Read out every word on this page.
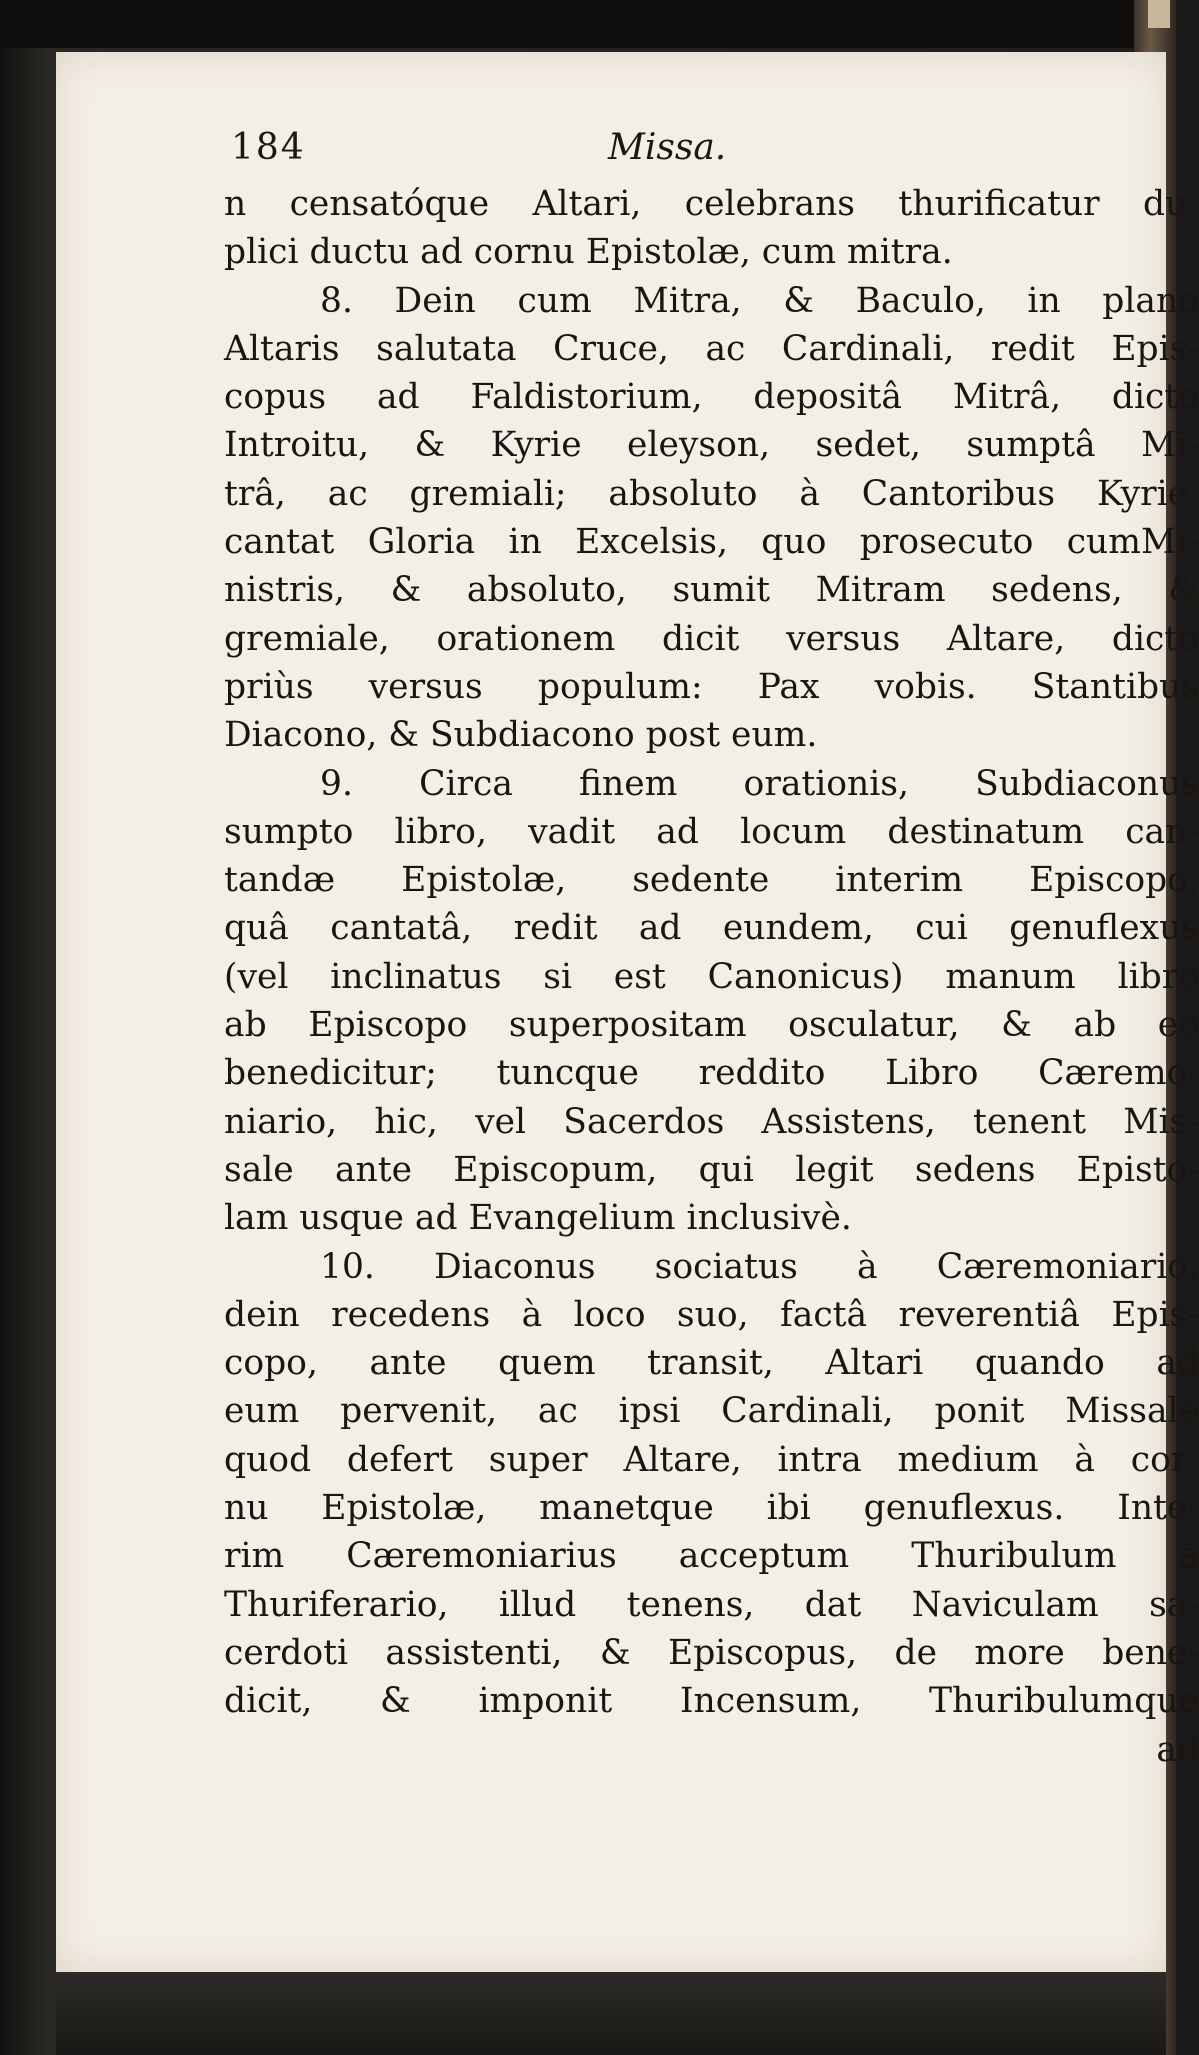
184	Missa.
n censatóque Altari, celebrans thurificatur du-
plici ductu ad cornu Epistolæ, cum mitra.
8. Dein cum Mitra, & Baculo, in plano
Altaris salutata Cruce, ac Cardinali, redit Epis-
copus ad Faldistorium, depositâ Mitrâ, dicto
Introitu, & Kyrie eleyson, sedet, sumptâ Mi-
trâ, ac gremiali; absoluto à Cantoribus Kyrie,
cantat Gloria in Excelsis, quo prosecuto cumMi-
nistris, & absoluto, sumit Mitram sedens, &
gremiale, orationem dicit versus Altare, dicto
priùs versus populum: Pax vobis. Stantibus
Diacono, & Subdiacono post eum.
9. Circa finem orationis, Subdiaconus
sumpto libro, vadit ad locum destinatum can-
tandæ Epistolæ, sedente interim Episcopo,
quâ cantatâ, redit ad eundem, cui genuflexus
(vel inclinatus si est Canonicus) manum libro
ab Episcopo superpositam osculatur, & ab eo
benedicitur; tuncque reddito Libro Cæremo-
niario, hic, vel Sacerdos Assistens, tenent Mis-
sale ante Episcopum, qui legit sedens Episto-
lam usque ad Evangelium inclusivè.
10. Diaconus sociatus à Cæremoniario,
dein recedens à loco suo, factâ reverentiâ Epis-
copo, ante quem transit, Altari quando ad
eum pervenit, ac ipsi Cardinali, ponit Missale
quod defert super Altare, intra medium à cor-
nu Epistolæ, manetque ibi genuflexus. Inte-
rim Cæremoniarius acceptum Thuribulum à
Thuriferario, illud tenens, dat Naviculam sa-
cerdoti assistenti, & Episcopus, de more bene-
dicit, & imponit Incensum, Thuribulumque
ad
